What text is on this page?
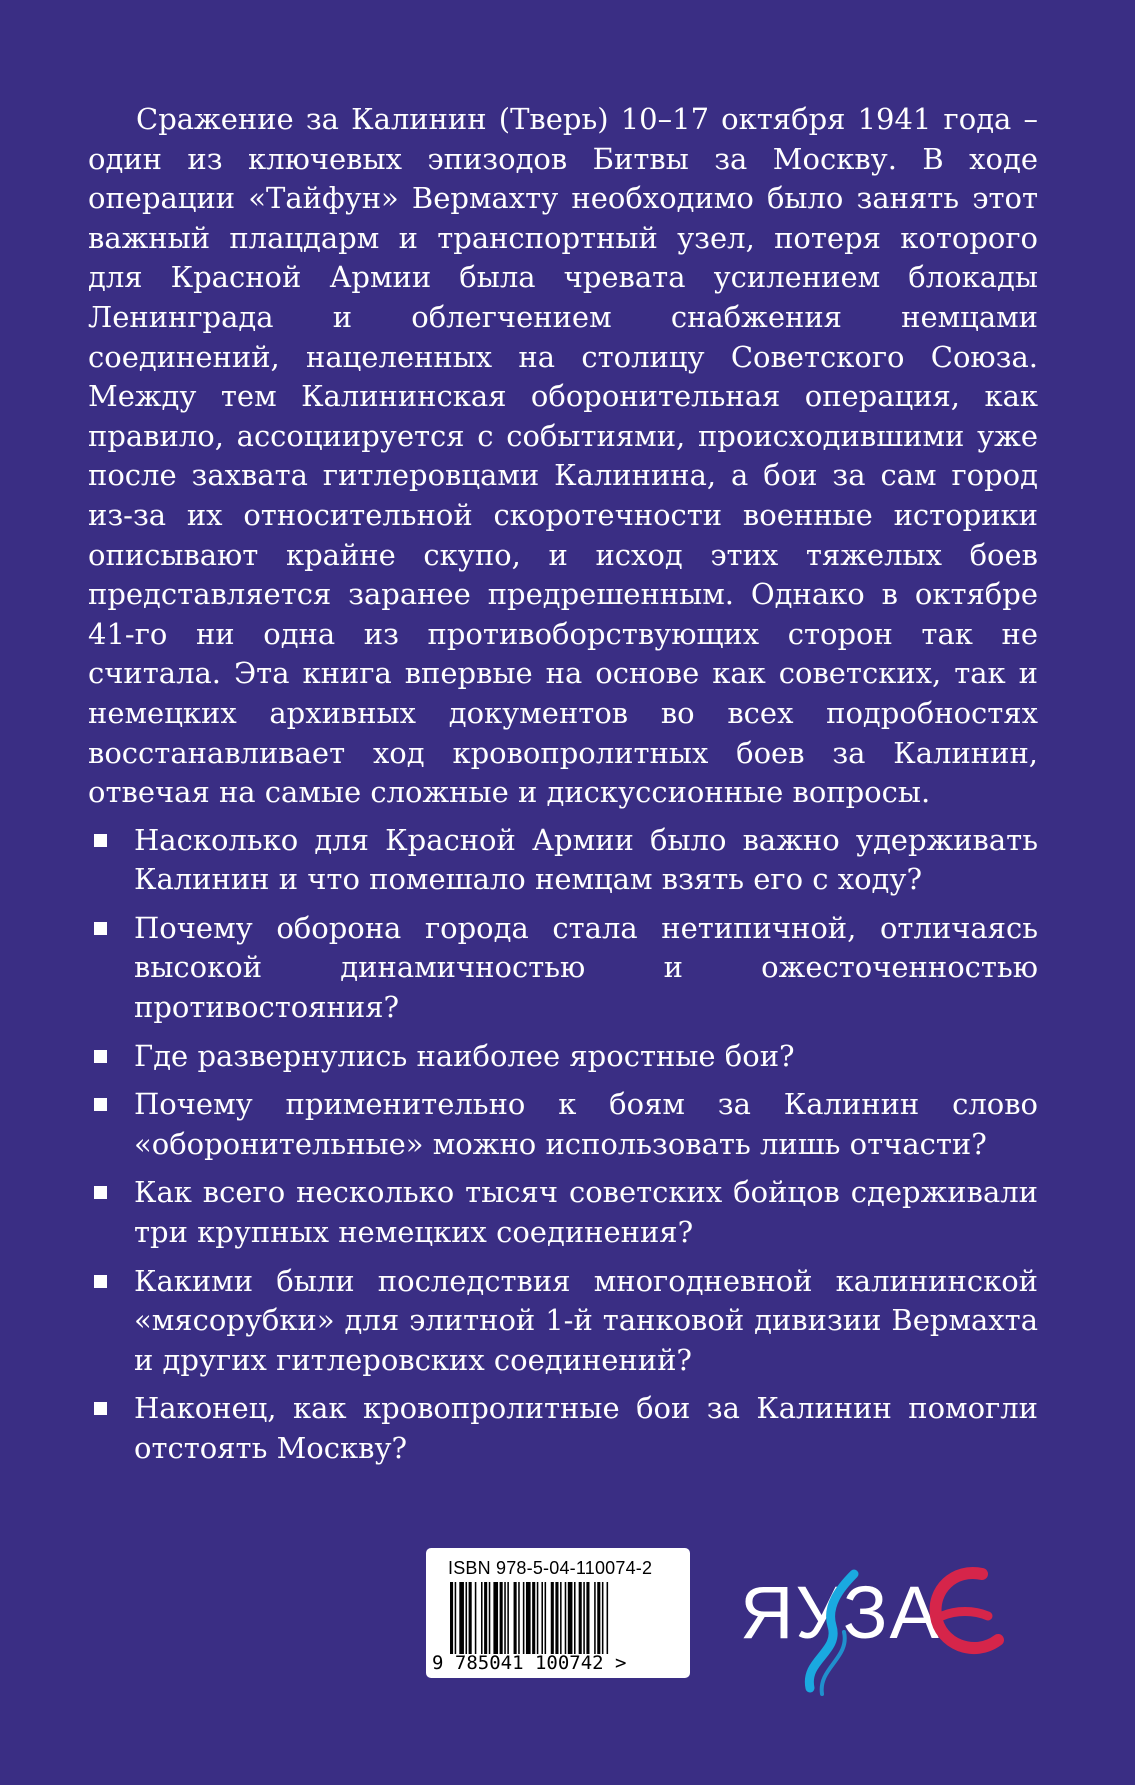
Сражение за Калинин (Тверь) 10–17 октября 1941 года – один из ключевых эпизодов Битвы за Москву. В ходе операции «Тайфун» Вермахту необходимо было занять этот важный плацдарм и транспортный узел, потеря которого для Красной Армии была чревата усилением блокады Ленинграда и облегчением снабжения немцами соединений, нацеленных на столицу Советского Союза. Между тем Калининская оборонительная операция, как правило, ассоциируется с событиями, происходившими уже после захвата гитлеровцами Калинина, а бои за сам город из-за их относительной скоротечности военные историки описывают крайне скупо, и исход этих тяжелых боев представляется заранее предрешенным. Однако в октябре 41-го ни одна из противоборствующих сторон так не считала. Эта книга впервые на основе как советских, так и немецких архивных документов во всех подробностях восстанавливает ход кровопролитных боев за Калинин, отвечая на самые сложные и дискуссионные вопросы.

Насколько для Красной Армии было важно удерживать Калинин и что помешало немцам взять его с ходу?
Почему оборона города стала нетипичной, отличаясь высокой динамичностью и ожесточенностью противостояния?
Где развернулись наиболее яростные бои?
Почему применительно к боям за Калинин слово «оборонительные» можно использовать лишь отчасти?
Как всего несколько тысяч советских бойцов сдерживали три крупных немецких соединения?
Какими были последствия многодневной калининской «мясорубки» для элитной 1-й танковой дивизии Вермахта и других гитлеровских соединений?
Наконец, как кровопролитные бои за Калинин помогли отстоять Москву?
ISBN 978-5-04-110074-2
9 785041 100742 >
ЯУЗА
